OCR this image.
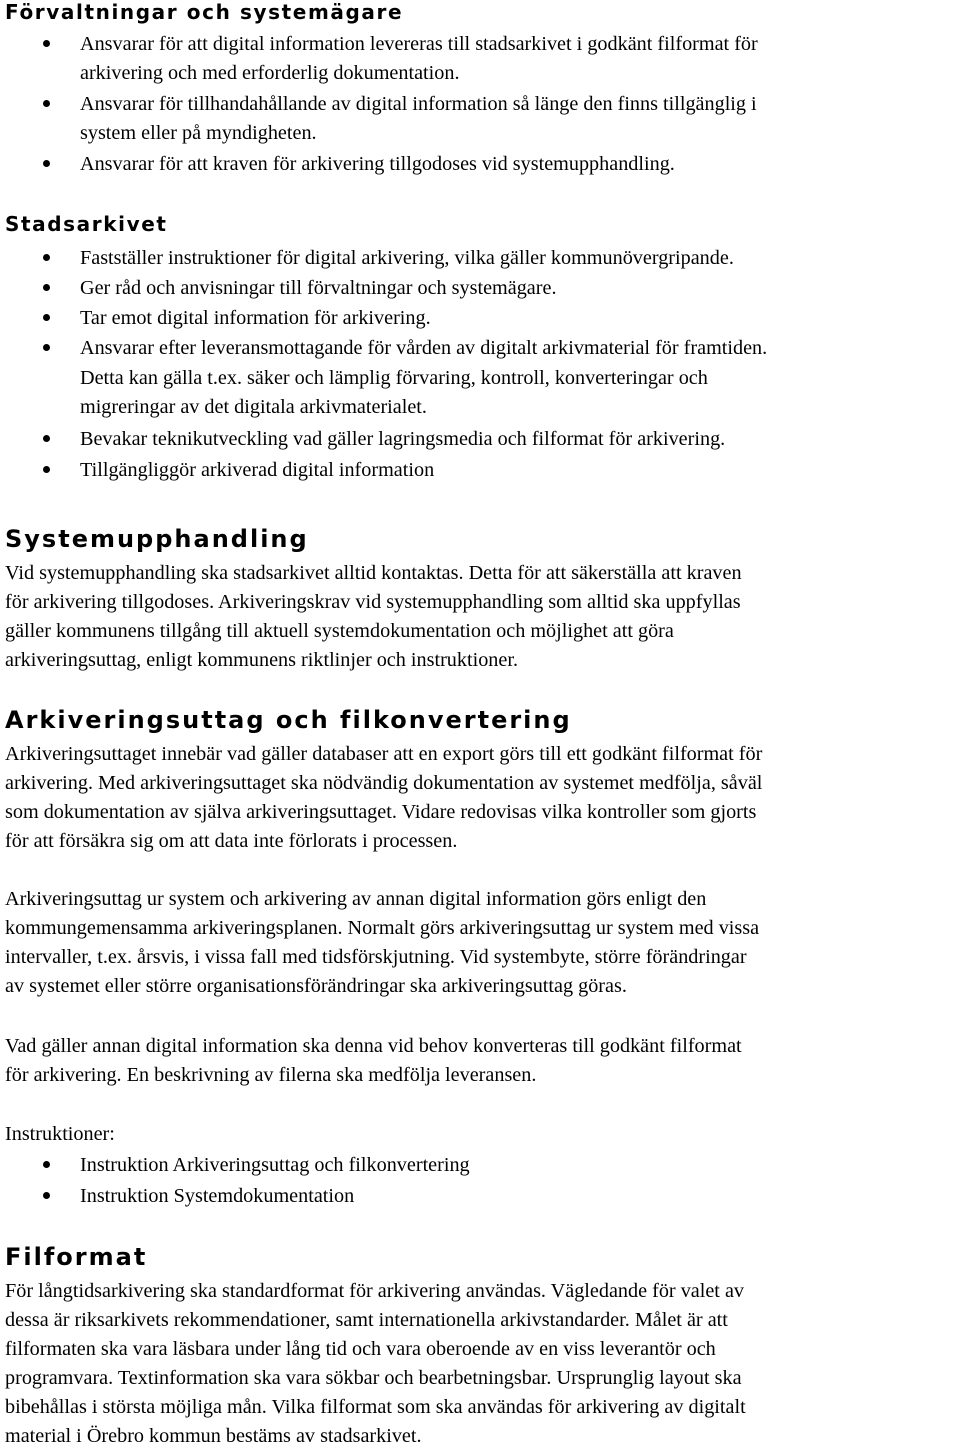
Förvaltningar och systemägare

Ansvarar för att digital information levereras till stadsarkivet i godkänt filformat för

arkivering och med erforderlig dokumentation.

Ansvarar för tillhandahållande av digital information så länge den finns tillgänglig i

system eller på myndigheten.

Ansvarar för att kraven för arkivering tillgodoses vid systemupphandling.

Stadsarkivet

Fastställer instruktioner för digital arkivering, vilka gäller kommunövergripande.

Ger råd och anvisningar till förvaltningar och systemägare.

Tar emot digital information för arkivering.

Ansvarar efter leveransmottagande för vården av digitalt arkivmaterial för framtiden.

Detta kan gälla t.ex. säker och lämplig förvaring, kontroll, konverteringar och

migreringar av det digitala arkivmaterialet.

Bevakar teknikutveckling vad gäller lagringsmedia och filformat för arkivering.

Tillgängliggör arkiverad digital information

Systemupphandling

Vid systemupphandling ska stadsarkivet alltid kontaktas. Detta för att säkerställa att kraven

för arkivering tillgodoses. Arkiveringskrav vid systemupphandling som alltid ska uppfyllas

gäller kommunens tillgång till aktuell systemdokumentation och möjlighet att göra

arkiveringsuttag, enligt kommunens riktlinjer och instruktioner.

Arkiveringsuttag och filkonvertering

Arkiveringsuttaget innebär vad gäller databaser att en export görs till ett godkänt filformat för

arkivering. Med arkiveringsuttaget ska nödvändig dokumentation av systemet medfölja, såväl

som dokumentation av själva arkiveringsuttaget. Vidare redovisas vilka kontroller som gjorts

för att försäkra sig om att data inte förlorats i processen.

Arkiveringsuttag ur system och arkivering av annan digital information görs enligt den

kommungemensamma arkiveringsplanen. Normalt görs arkiveringsuttag ur system med vissa

intervaller, t.ex. årsvis, i vissa fall med tidsförskjutning. Vid systembyte, större förändringar

av systemet eller större organisationsförändringar ska arkiveringsuttag göras.

Vad gäller annan digital information ska denna vid behov konverteras till godkänt filformat

för arkivering. En beskrivning av filerna ska medfölja leveransen.

Instruktioner:

Instruktion Arkiveringsuttag och filkonvertering

Instruktion Systemdokumentation

Filformat

För långtidsarkivering ska standardformat för arkivering användas. Vägledande för valet av

dessa är riksarkivets rekommendationer, samt internationella arkivstandarder. Målet är att

filformaten ska vara läsbara under lång tid och vara oberoende av en viss leverantör och

programvara. Textinformation ska vara sökbar och bearbetningsbar. Ursprunglig layout ska

bibehållas i största möjliga mån. Vilka filformat som ska användas för arkivering av digitalt

material i Örebro kommun bestäms av stadsarkivet.
